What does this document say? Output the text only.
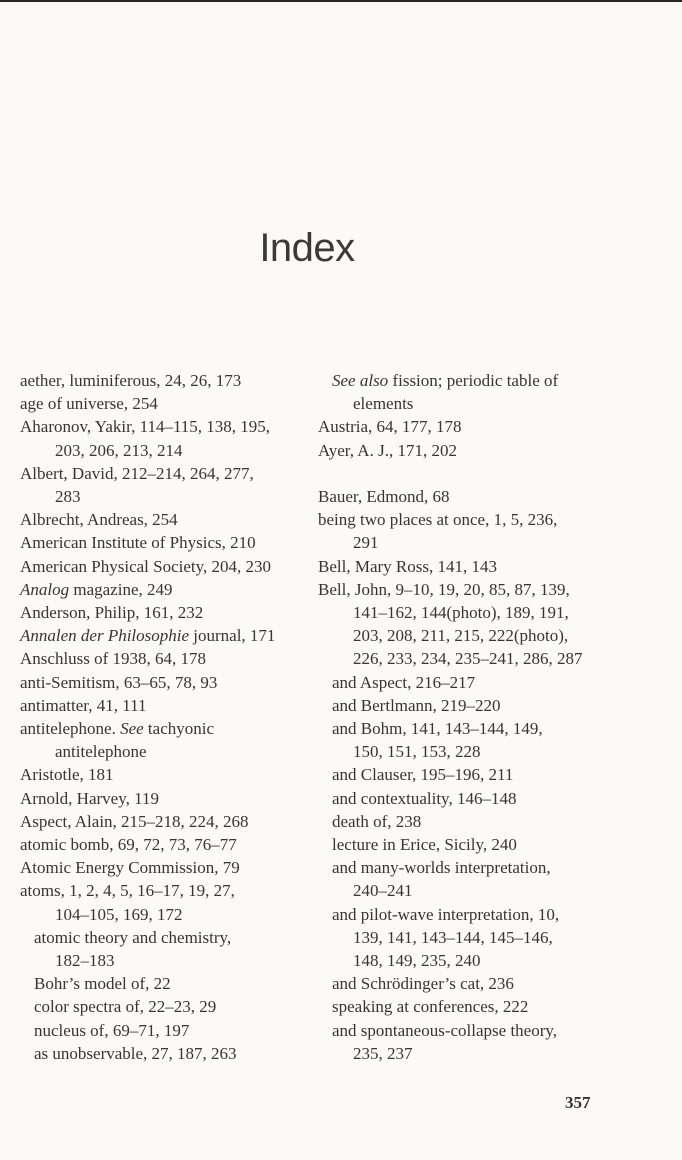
Index
aether, luminiferous, 24, 26, 173
age of universe, 254
Aharonov, Yakir, 114–115, 138, 195,
203, 206, 213, 214
Albert, David, 212–214, 264, 277,
283
Albrecht, Andreas, 254
American Institute of Physics, 210
American Physical Society, 204, 230
Analog magazine, 249
Anderson, Philip, 161, 232
Annalen der Philosophie journal, 171
Anschluss of 1938, 64, 178
anti-Semitism, 63–65, 78, 93
antimatter, 41, 111
antitelephone. See tachyonic
antitelephone
Aristotle, 181
Arnold, Harvey, 119
Aspect, Alain, 215–218, 224, 268
atomic bomb, 69, 72, 73, 76–77
Atomic Energy Commission, 79
atoms, 1, 2, 4, 5, 16–17, 19, 27,
104–105, 169, 172
atomic theory and chemistry,
182–183
Bohr’s model of, 22
color spectra of, 22–23, 29
nucleus of, 69–71, 197
as unobservable, 27, 187, 263
See also fission; periodic table of
elements
Austria, 64, 177, 178
Ayer, A. J., 171, 202
Bauer, Edmond, 68
being two places at once, 1, 5, 236,
291
Bell, Mary Ross, 141, 143
Bell, John, 9–10, 19, 20, 85, 87, 139,
141–162, 144(photo), 189, 191,
203, 208, 211, 215, 222(photo),
226, 233, 234, 235–241, 286, 287
and Aspect, 216–217
and Bertlmann, 219–220
and Bohm, 141, 143–144, 149,
150, 151, 153, 228
and Clauser, 195–196, 211
and contextuality, 146–148
death of, 238
lecture in Erice, Sicily, 240
and many-worlds interpretation,
240–241
and pilot-wave interpretation, 10,
139, 141, 143–144, 145–146,
148, 149, 235, 240
and Schrödinger’s cat, 236
speaking at conferences, 222
and spontaneous-collapse theory,
235, 237
357
